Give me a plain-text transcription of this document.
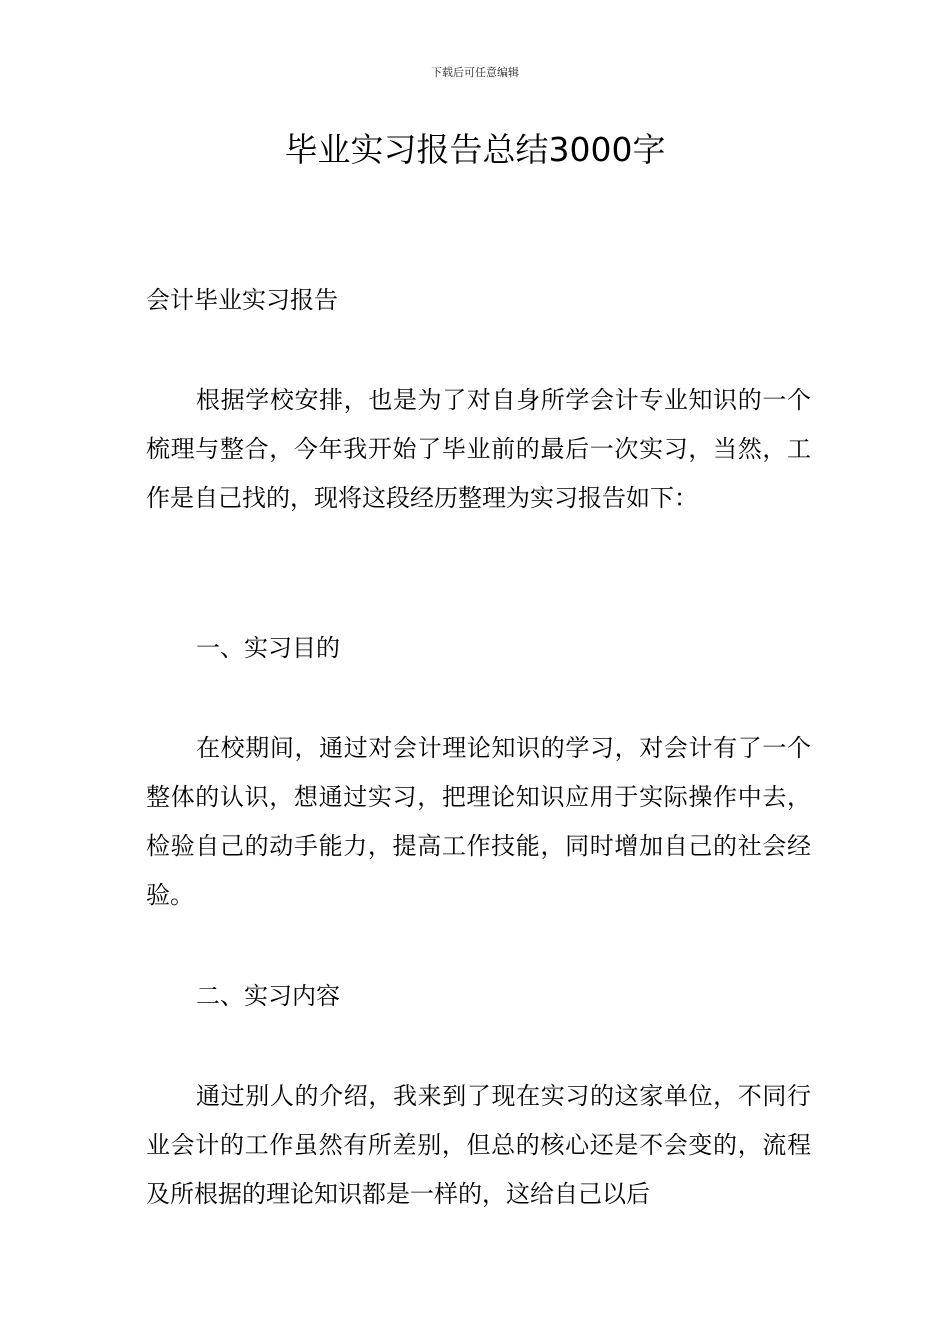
下载后可任意编辑
毕业实习报告总结3000字

会计毕业实习报告

根据学校安排，也是为了对自身所学会计专业知识的一个梳理与整合，今年我开始了毕业前的最后一次实习，当然，工作是自己找的，现将这段经历整理为实习报告如下：

一、实习目的

在校期间，通过对会计理论知识的学习，对会计有了一个整体的认识，想通过实习，把理论知识应用于实际操作中去，检验自己的动手能力，提高工作技能，同时增加自己的社会经验。

二、实习内容

通过别人的介绍，我来到了现在实习的这家单位，不同行业会计的工作虽然有所差别，但总的核心还是不会变的，流程及所根据的理论知识都是一样的，这给自己以后
